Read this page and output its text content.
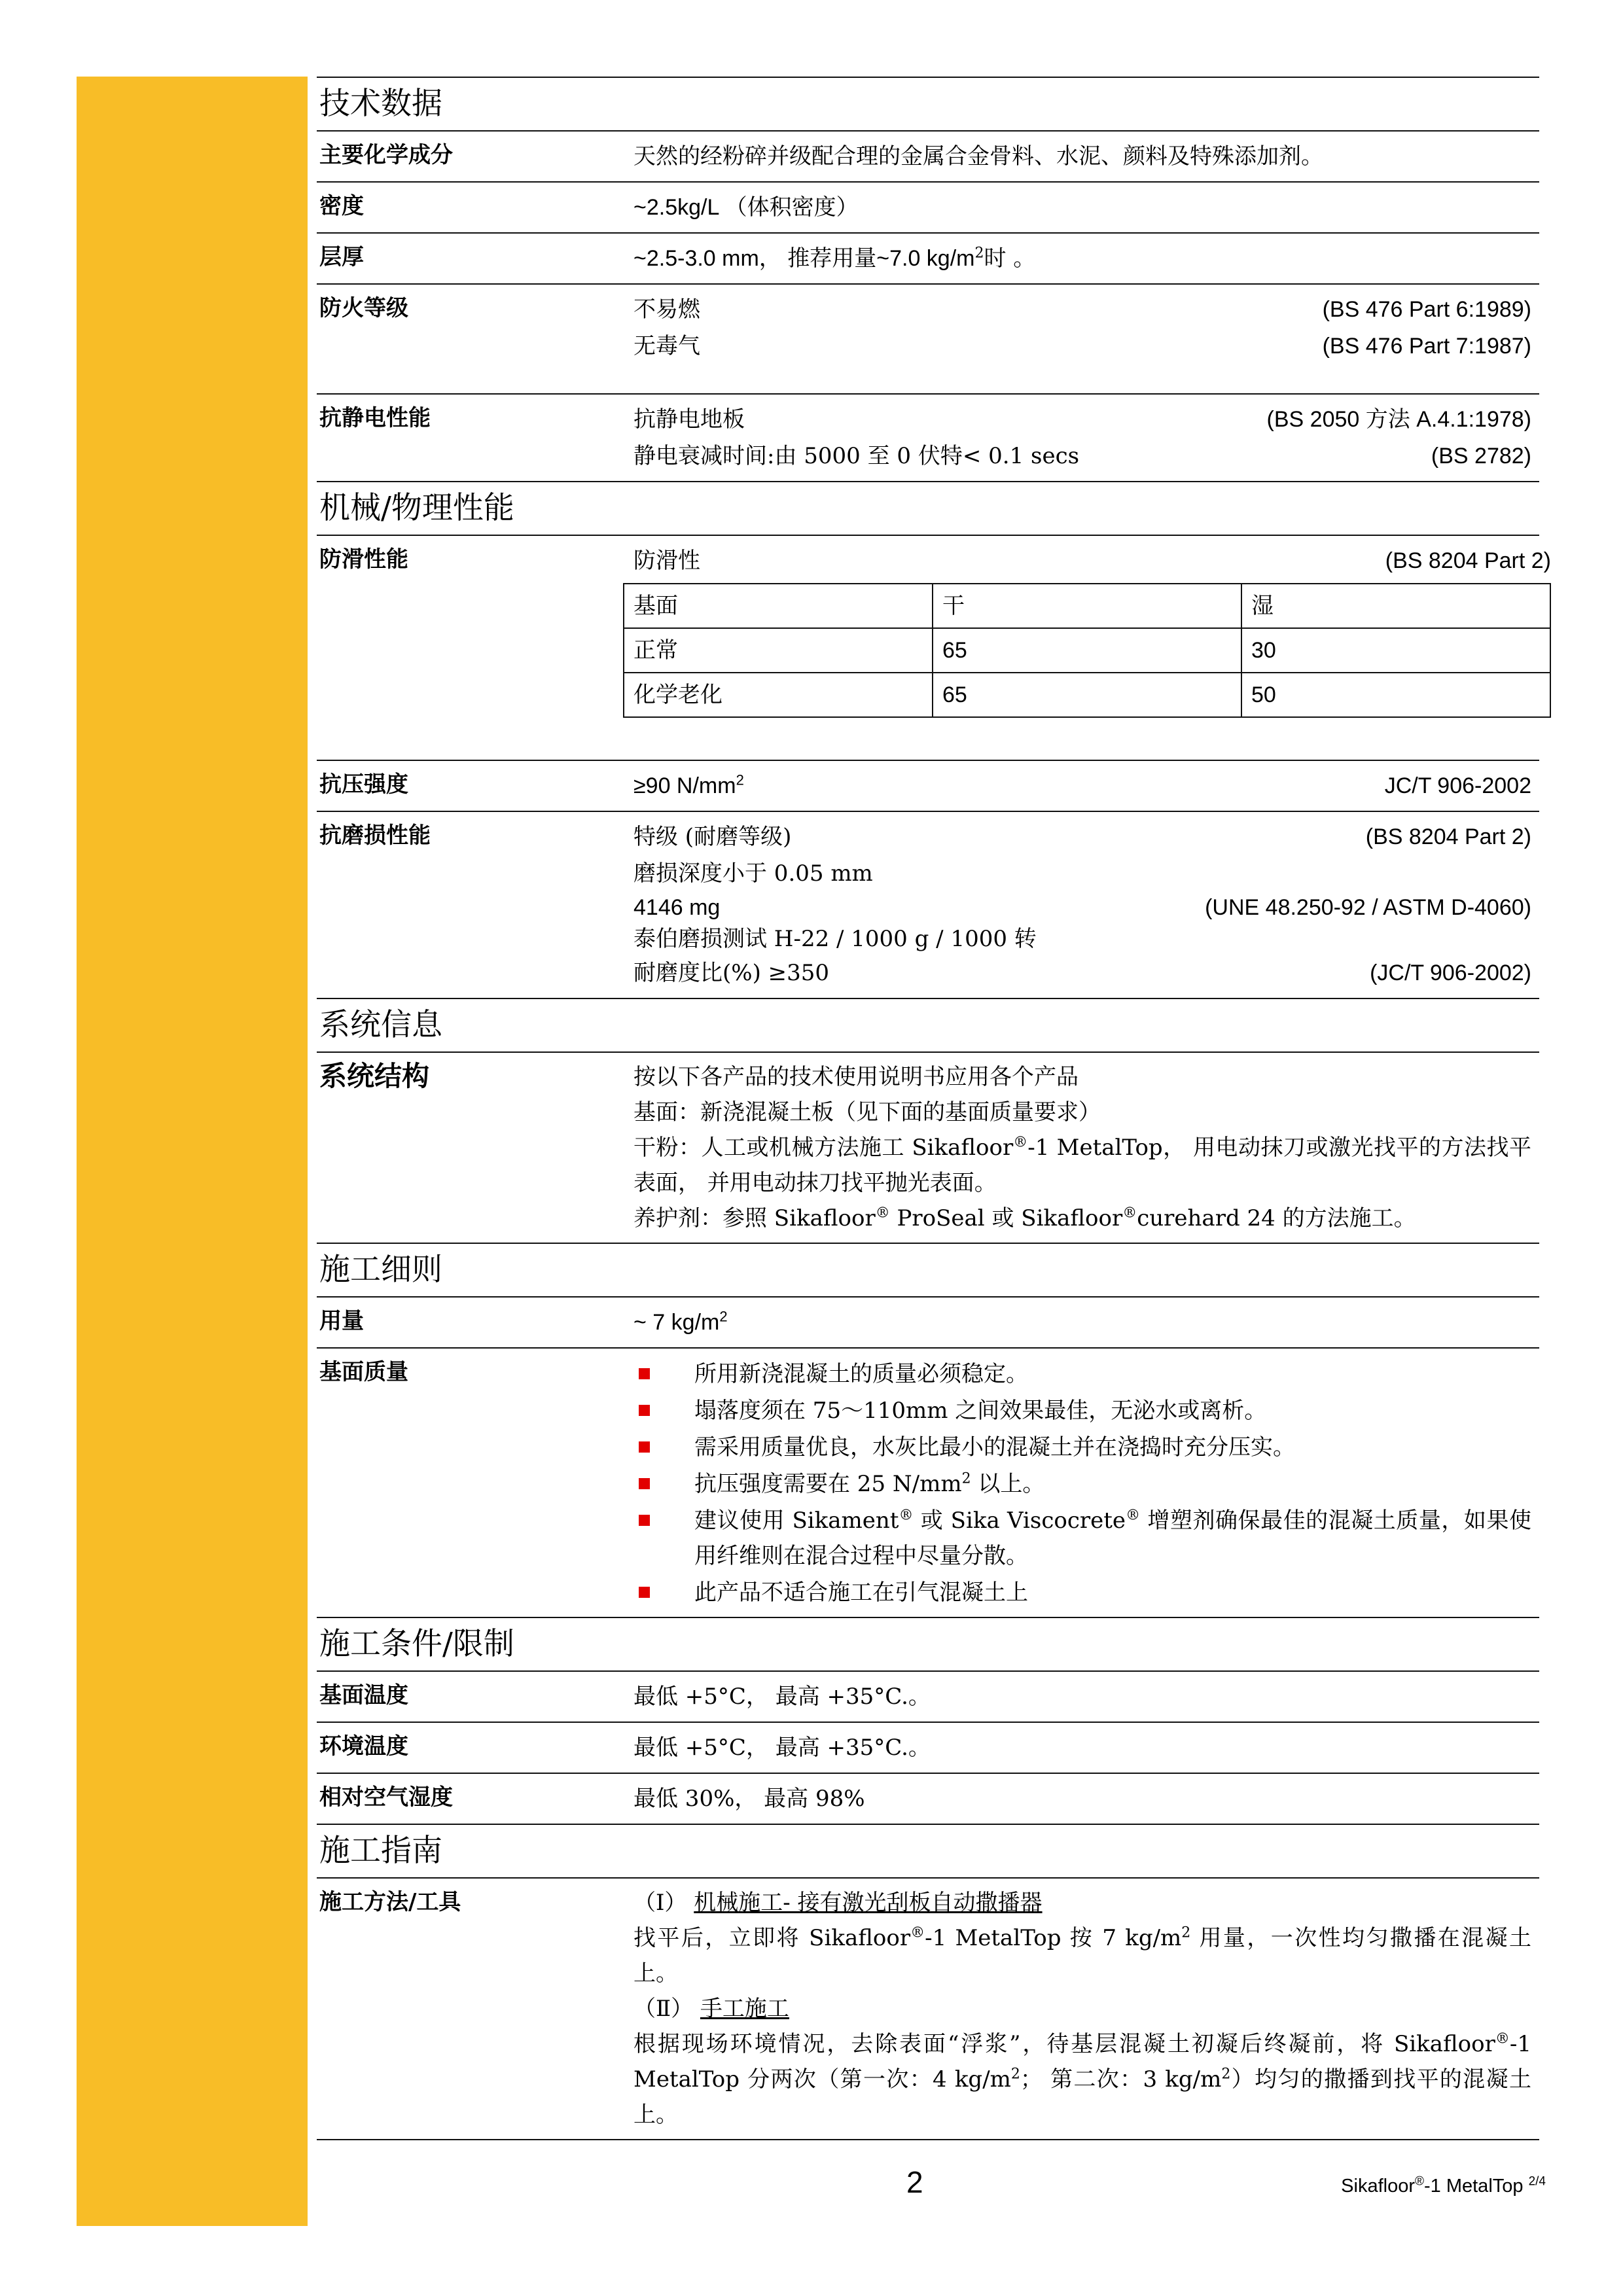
技术数据
主要化学成分	天然的经粉碎并级配合理的金属合金骨料、水泥、颜料及特殊添加剂。
密度	~2.5kg/L （体积密度）
层厚	~2.5-3.0 mm， 推荐用量~7.0 $kg/m^2$时 。
防火等级	不易燃	(BS 476 Part 6:1989)
无毒气	(BS 476 Part 7:1987)
抗静电性能	抗静电地板	(BS 2050 方法 A.4.1:1978)
静电衰减时间:由 5000 至 0 伏特< 0.1 secs	(BS 2782)
机械/物理性能
防滑性能	防滑性	(BS 8204 Part 2)
基面	干	湿
正常	65	30
化学老化	65	50
抗压强度	≥90 $N/mm^2$	JC/T 906-2002
抗磨损性能	特级 (耐磨等级)	(BS 8204 Part 2)
磨损深度小于 0.05 mm
4146 mg	(UNE 48.250-92 / ASTM D-4060)
泰伯磨损测试 H-22 / 1000 g / 1000 转
耐磨度比(%) ≥350	(JC/T 906-2002)
系统信息
系统结构	按以下各产品的技术使用说明书应用各个产品
基面：新浇混凝土板（见下面的基面质量要求）
干粉：人工或机械方法施工 Sikafloor®-1 MetalTop， 用电动抹刀或激光找平的方法找平表面， 并用电动抹刀找平抛光表面。
养护剂：参照 Sikafloor® ProSeal 或 Sikafloor®curehard 24 的方法施工。
施工细则
用量	~ 7 $kg/m^2$
基面质量	所用新浇混凝土的质量必须稳定。
塌落度须在 75～110mm 之间效果最佳，无泌水或离析。
需采用质量优良，水灰比最小的混凝土并在浇捣时充分压实。
抗压强度需要在 25 $N/mm^2$ 以上。
建议使用 Sikament® 或 Sika Viscocrete® 增塑剂确保最佳的混凝土质量，如果使用纤维则在混合过程中尽量分散。
此产品不适合施工在引气混凝土上
施工条件/限制
基面温度	最低 +5°C， 最高 +35°C.。
环境温度	最低 +5°C， 最高 +35°C.。
相对空气湿度	最低 30%， 最高 98%
施工指南
施工方法/工具	（Ⅰ） 机械施工- 接有激光刮板自动撒播器
找平后，立即将 Sikafloor®-1 MetalTop 按 7 $kg/m^2$ 用量，一次性均匀撒播在混凝土上。
（Ⅱ） 手工施工
根据现场环境情况，去除表面“浮浆”，待基层混凝土初凝后终凝前，将 Sikafloor®-1 MetalTop 分两次（第一次：4 $kg/m^2$； 第二次：3 $kg/m^2$）均匀的撒播到找平的混凝土上。
2	Sikafloor®-1 MetalTop $^{2/4}$
